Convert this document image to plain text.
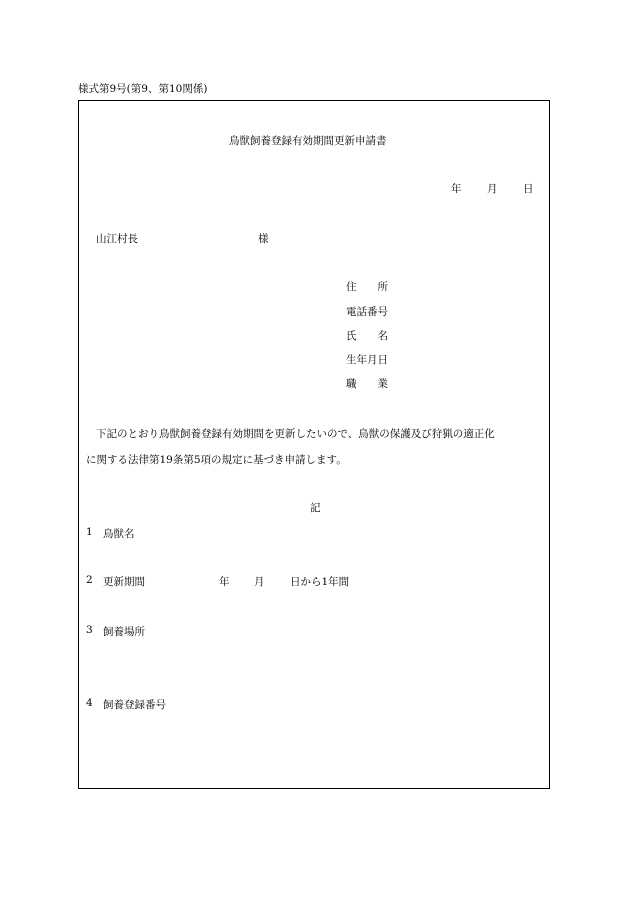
様式第9号(第9、第10関係)
鳥獣飼養登録有効期間更新申請書
年 月 日
山江村長	様
住　　所
電話番号
氏　　名
生年月日
職　　業
下記のとおり鳥獣飼養登録有効期間を更新したいので、鳥獣の保護及び狩猟の適正化
に関する法律第19条第5項の規定に基づき申請します。
記
1 鳥獣名
2 更新期間	年 月 日から1年間
3 飼養場所
4 飼養登録番号
